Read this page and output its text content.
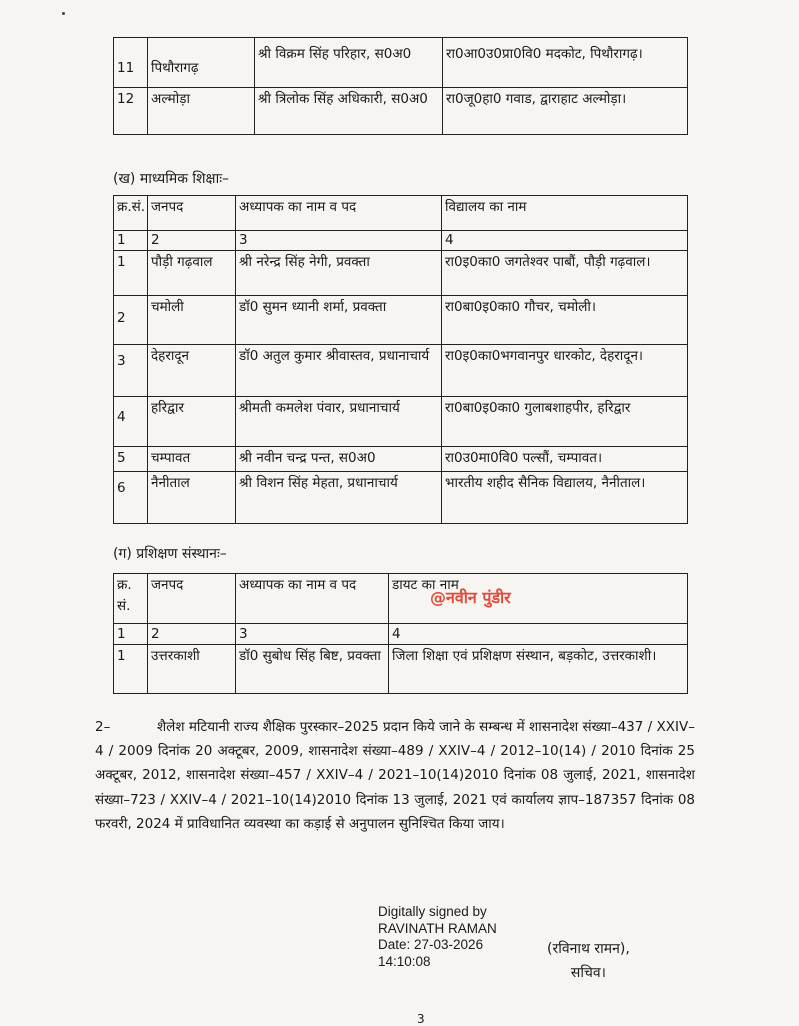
11	पिथौरागढ़	श्री विक्रम सिंह परिहार, स0अ0	रा0आ0उ0प्रा0वि0 मदकोट, पिथौरागढ़।
12	अल्मोड़ा	श्री त्रिलोक सिंह अधिकारी, स0अ0	रा0जू0हा0 गवाड, द्वाराहाट अल्मोड़ा।
(ख) माध्यमिक शिक्षाः–
क्र.सं.	जनपद	अध्यापक का नाम व पद	विद्यालय का नाम
1	2	3	4
1	पौड़ी गढ़वाल	श्री नरेन्द्र सिंह नेगी, प्रवक्ता	रा0इ0का0 जगतेश्वर पाबौं, पौड़ी गढ़वाल।
2	चमोली	डॉ0 सुमन ध्यानी शर्मा, प्रवक्ता	रा0बा0इ0का0 गौचर, चमोली।
3	देहरादून	डॉ0 अतुल कुमार श्रीवास्तव, प्रधानाचार्य	रा0इ0का0भगवानपुर धारकोट, देहरादून।
4	हरिद्वार	श्रीमती कमलेश पंवार, प्रधानाचार्य	रा0बा0इ0का0 गुलाबशाहपीर, हरिद्वार
5	चम्पावत	श्री नवीन चन्द्र पन्त, स0अ0	रा0उ0मा0वि0 पल्सौं, चम्पावत।
6	नैनीताल	श्री विशन सिंह मेहता, प्रधानाचार्य	भारतीय शहीद सैनिक विद्यालय, नैनीताल।
(ग) प्रशिक्षण संस्थानः–
क्र. सं.	जनपद	अध्यापक का नाम व पद	डायट का नाम
1	2	3	4
1	उत्तरकाशी	डॉ0 सुबोध सिंह बिष्ट, प्रवक्ता	जिला शिक्षा एवं प्रशिक्षण संस्थान, बड़कोट, उत्तरकाशी।
@नवीन पुंडीर

2–	शैलेश मटियानी राज्य शैक्षिक पुरस्कार–2025 प्रदान किये जाने के सम्बन्ध में शासनादेश संख्या–437 / XXIV–4 / 2009 दिनांक 20 अक्टूबर, 2009, शासनादेश संख्या–489 / XXIV–4 / 2012–10(14) / 2010 दिनांक 25 अक्टूबर, 2012, शासनादेश संख्या–457 / XXIV–4 / 2021–10(14)2010 दिनांक 08 जुलाई, 2021, शासनादेश संख्या–723 / XXIV–4 / 2021–10(14)2010 दिनांक 13 जुलाई, 2021 एवं कार्यालय ज्ञाप–187357 दिनांक 08 फरवरी, 2024 में प्राविधानित व्यवस्था का कड़ाई से अनुपालन सुनिश्चित किया जाय।

Digitally signed by
RAVINATH RAMAN
Date: 27-03-2026
14:10:08
(रविनाथ रामन),
सचिव।
3
